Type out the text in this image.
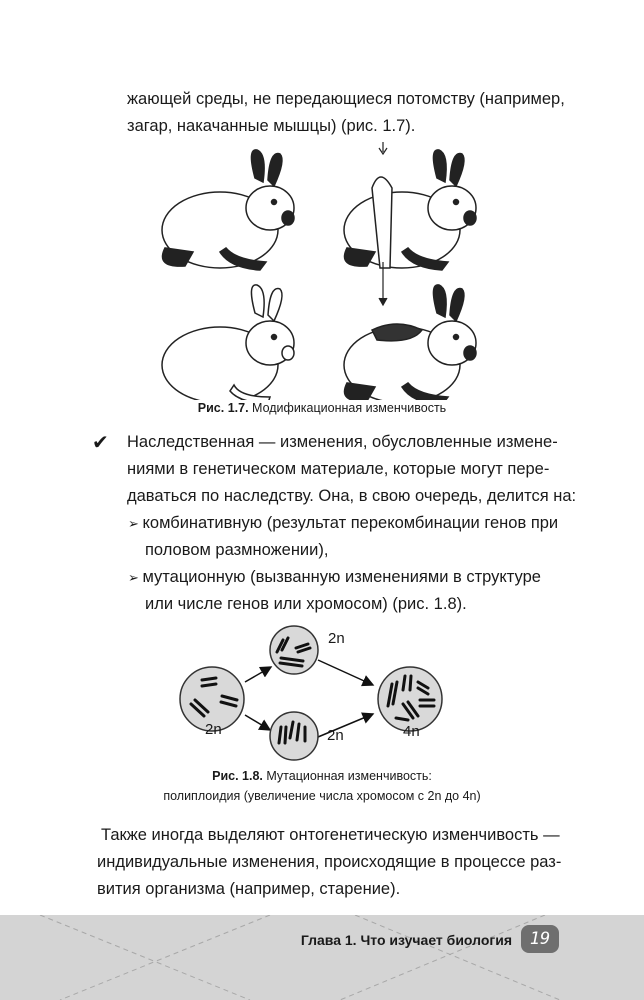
жающей среды, не передающиеся потомству (например,
загар, накачанные мышцы) (рис. 1.7).
Рис. 1.7. Модификационная изменчивость
✔ Наследственная — изменения, обусловленные измене-
ниями в генетическом материале, которые могут пере-
даваться по наследству. Она, в свою очередь, делится на:
➢ комбинативную (результат перекомбинации генов при
половом размножении),
➢ мутационную (вызванную изменениями в структуре
или числе генов или хромосом) (рис. 1.8).
2n
2n
2n	4n
Рис. 1.8. Мутационная изменчивость:
полиплоидия (увеличение числа хромосом с 2n до 4n)
Также иногда выделяют онтогенетическую изменчивость —
индивидуальные изменения, происходящие в процессе раз-
вития организма (например, старение).
Глава 1. Что изучает биология	19
